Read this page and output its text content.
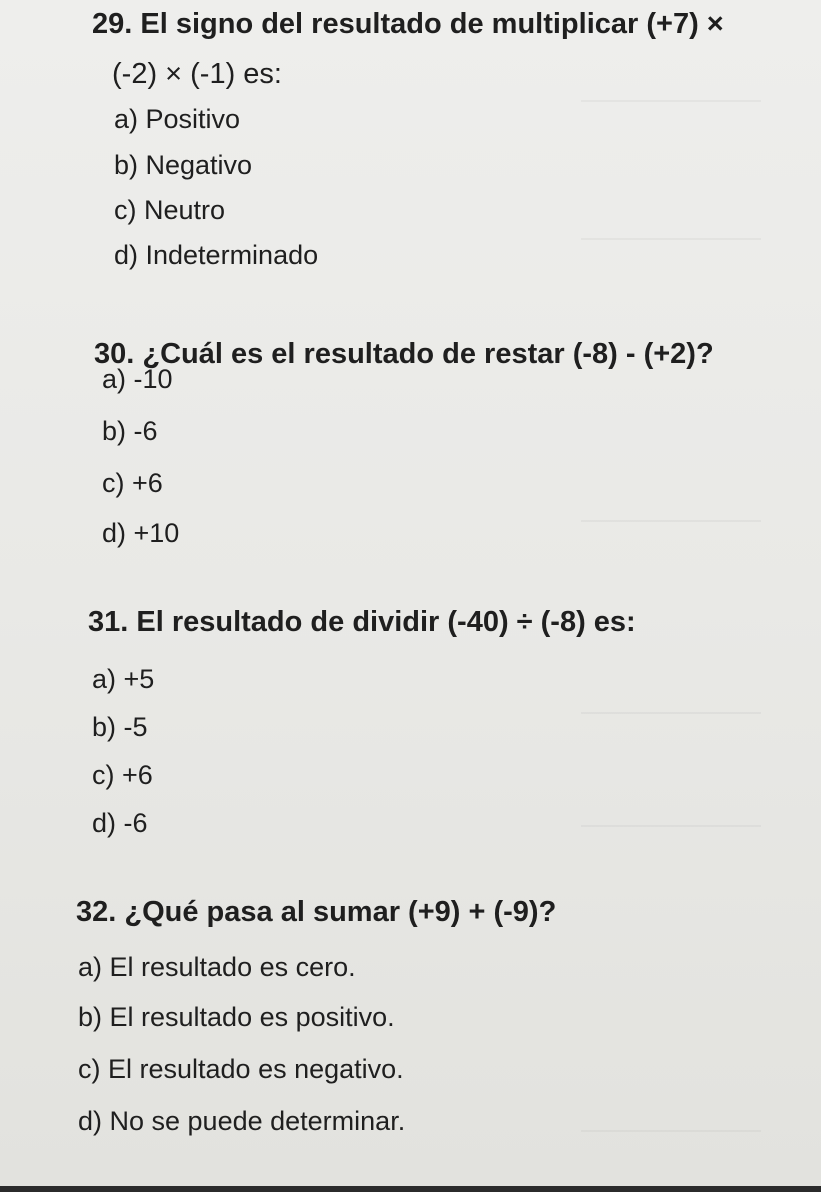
29. El signo del resultado de multiplicar (+7) ×
(-2) × (-1) es:
a) Positivo
b) Negativo
c) Neutro
d) Indeterminado
30. ¿Cuál es el resultado de restar (-8) - (+2)?
a) -10
b) -6
c) +6
d) +10
31. El resultado de dividir (-40) ÷ (-8) es:
a) +5
b) -5
c) +6
d) -6
32. ¿Qué pasa al sumar (+9) + (-9)?
a) El resultado es cero.
b) El resultado es positivo.
c) El resultado es negativo.
d) No se puede determinar.
